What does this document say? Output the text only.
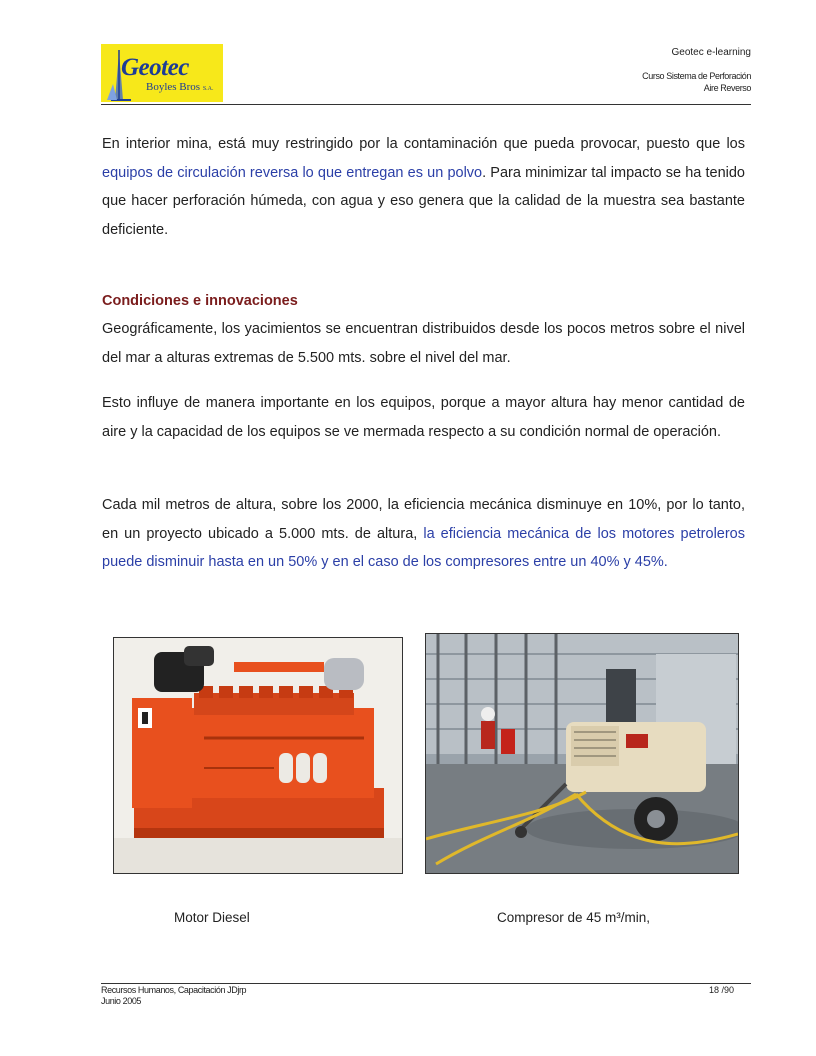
Geotec
Boyles Bros S.A.
Geotec e-learning
Curso Sistema de Perforación
Aire Reverso
En interior mina, está muy restringido por la contaminación que pueda provocar, puesto que los equipos de circulación reversa lo que entregan es un polvo. Para minimizar tal impacto se ha tenido que hacer perforación húmeda, con agua y eso genera que la calidad de la muestra sea bastante deficiente.
Condiciones e innovaciones
Geográficamente, los yacimientos se encuentran distribuidos desde los pocos metros sobre el nivel del mar a alturas extremas de 5.500 mts. sobre el nivel del mar.
Esto influye de manera importante en los equipos, porque a mayor altura hay menor cantidad de aire y la capacidad de los equipos se ve mermada respecto a su condición normal de operación.
Cada mil metros de altura, sobre los 2000, la eficiencia mecánica disminuye en 10%, por lo tanto, en un proyecto ubicado a 5.000 mts. de altura, la eficiencia mecánica de los motores petroleros puede disminuir hasta en un 50% y en el caso de los compresores entre un 40% y 45%.
Motor Diesel	Compresor de 45 m³/min,
Recursos Humanos, Capacitación JDjrp
Junio 2005
18 /90
